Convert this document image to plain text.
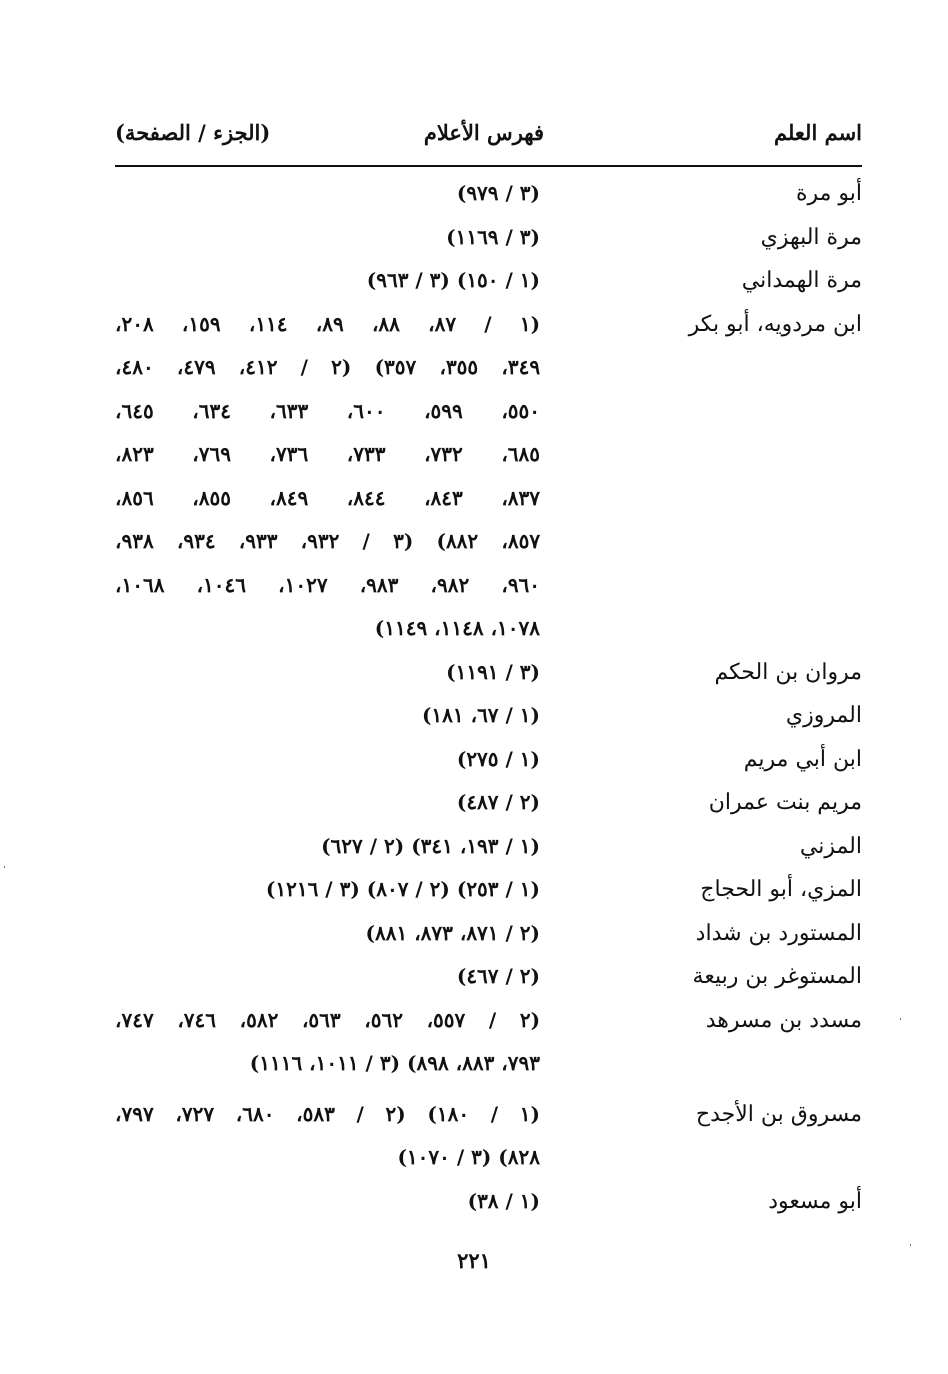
اسم العلم
فهرس الأعلام
(الجزء / الصفحة)
أبو مرة
(٣ / ٩٧٩)
مرة البهزي
(٣ / ١١٦٩)
مرة الهمداني
(١ / ١٥٠) (٣ / ٩٦٣)
ابن مردويه، أبو بكر
(١ / ٨٧، ٨٨، ٨٩، ١١٤، ١٥٩، ٢٠٨،
٣٤٩، ٣٥٥، ٣٥٧) (٢ / ٤١٢، ٤٧٩، ٤٨٠،
٥٥٠، ٥٩٩، ٦٠٠، ٦٣٣، ٦٣٤، ٦٤٥،
٦٨٥، ٧٣٢، ٧٣٣، ٧٣٦، ٧٦٩، ٨٢٣،
٨٣٧، ٨٤٣، ٨٤٤، ٨٤٩، ٨٥٥، ٨٥٦،
٨٥٧، ٨٨٢) (٣ / ٩٣٢، ٩٣٣، ٩٣٤، ٩٣٨،
٩٦٠، ٩٨٢، ٩٨٣، ١٠٢٧، ١٠٤٦، ١٠٦٨،
١٠٧٨، ١١٤٨، ١١٤٩)
مروان بن الحكم
(٣ / ١١٩١)
المروزي
(١ / ٦٧، ١٨١)
ابن أبي مريم
(١ / ٢٧٥)
مريم بنت عمران
(٢ / ٤٨٧)
المزني
(١ / ١٩٣، ٣٤١) (٢ / ٦٢٧)
المزي، أبو الحجاج
(١ / ٢٥٣) (٢ / ٨٠٧) (٣ / ١٢١٦)
المستورد بن شداد
(٢ / ٨٧١، ٨٧٣، ٨٨١)
المستوغر بن ربيعة
(٢ / ٤٦٧)
مسدد بن مسرهد
(٢ / ٥٥٧، ٥٦٢، ٥٦٣، ٥٨٢، ٧٤٦، ٧٤٧،
٧٩٣، ٨٨٣، ٨٩٨) (٣ / ١٠١١، ١١١٦)
مسروق بن الأجدح
(١ / ١٨٠) (٢ / ٥٨٣، ٦٨٠، ٧٢٧، ٧٩٧،
٨٢٨) (٣ / ١٠٧٠)
أبو مسعود
(١ / ٣٨)
٢٢١
